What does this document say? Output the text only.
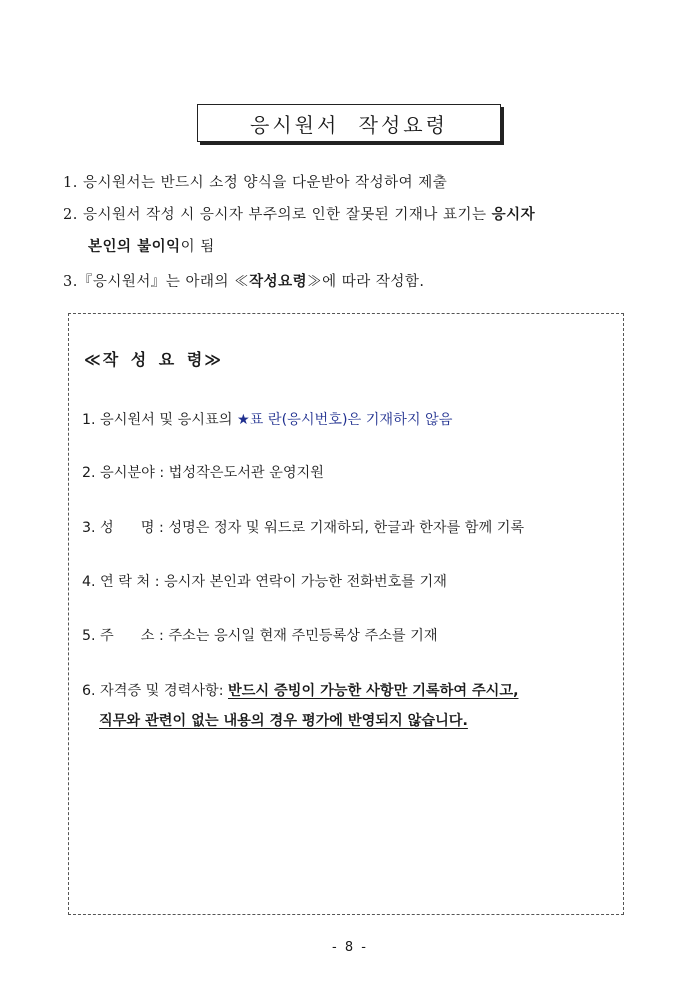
응시원서 작성요령
1. 응시원서는 반드시 소정 양식을 다운받아 작성하여 제출
2. 응시원서 작성 시 응시자 부주의로 인한 잘못된 기재나 표기는 응시자
본인의 불이익이 됨
3.『응시원서』는 아래의 ≪작성요령≫에 따라 작성함.
≪작 성 요 령≫
1. 응시원서 및 응시표의 ★표 란(응시번호)은 기재하지 않음
2. 응시분야 : 법성작은도서관 운영지원
3. 성      명 : 성명은 정자 및 워드로 기재하되, 한글과 한자를 함께 기록
4. 연 락 처 : 응시자 본인과 연락이 가능한 전화번호를 기재
5. 주      소 : 주소는 응시일 현재 주민등록상 주소를 기재
6. 자격증 및 경력사항: 반드시 증빙이 가능한 사항만 기록하여 주시고,
직무와 관련이 없는 내용의 경우 평가에 반영되지 않습니다.
- 8 -
